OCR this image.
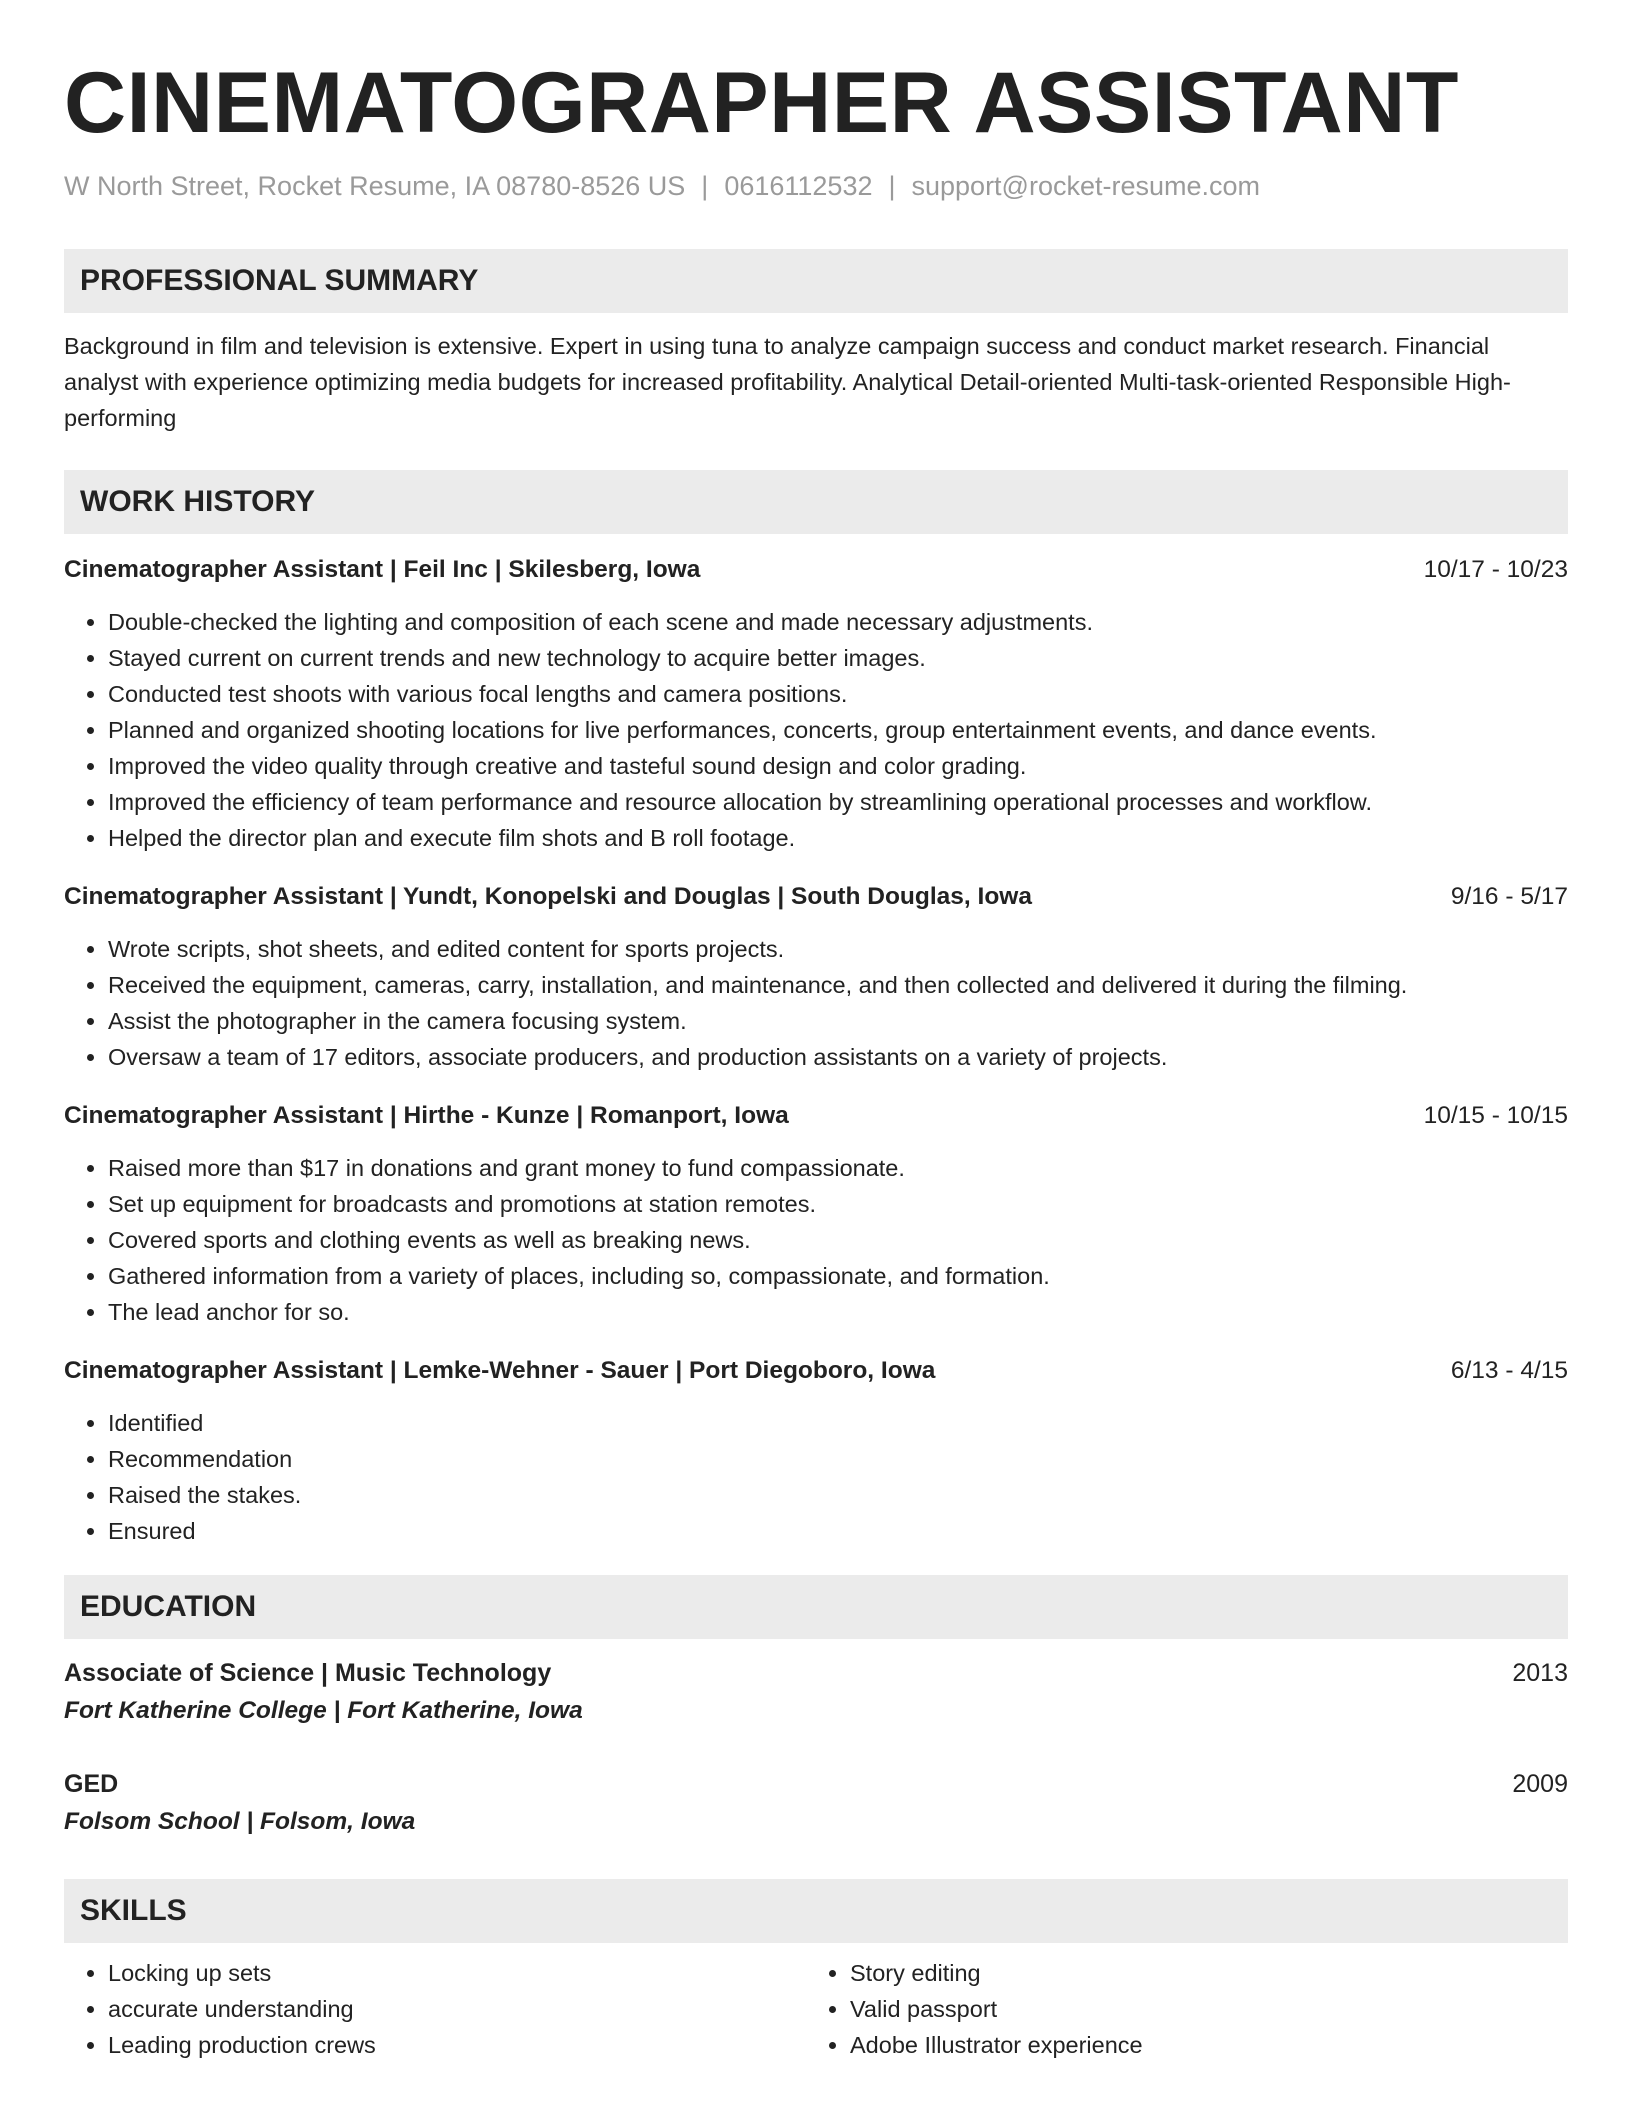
CINEMATOGRAPHER ASSISTANT
W North Street, Rocket Resume, IA 08780-8526 US | 0616112532 | support@rocket-resume.com
PROFESSIONAL SUMMARY
Background in film and television is extensive. Expert in using tuna to analyze campaign success and conduct market research. Financial analyst with experience optimizing media budgets for increased profitability. Analytical Detail-oriented Multi-task-oriented Responsible High-performing
WORK HISTORY
Cinematographer Assistant | Feil Inc | Skilesberg, Iowa	10/17 - 10/23
• Double-checked the lighting and composition of each scene and made necessary adjustments.
• Stayed current on current trends and new technology to acquire better images.
• Conducted test shoots with various focal lengths and camera positions.
• Planned and organized shooting locations for live performances, concerts, group entertainment events, and dance events.
• Improved the video quality through creative and tasteful sound design and color grading.
• Improved the efficiency of team performance and resource allocation by streamlining operational processes and workflow.
• Helped the director plan and execute film shots and B roll footage.
Cinematographer Assistant | Yundt, Konopelski and Douglas | South Douglas, Iowa	9/16 - 5/17
• Wrote scripts, shot sheets, and edited content for sports projects.
• Received the equipment, cameras, carry, installation, and maintenance, and then collected and delivered it during the filming.
• Assist the photographer in the camera focusing system.
• Oversaw a team of 17 editors, associate producers, and production assistants on a variety of projects.
Cinematographer Assistant | Hirthe - Kunze | Romanport, Iowa	10/15 - 10/15
• Raised more than $17 in donations and grant money to fund compassionate.
• Set up equipment for broadcasts and promotions at station remotes.
• Covered sports and clothing events as well as breaking news.
• Gathered information from a variety of places, including so, compassionate, and formation.
• The lead anchor for so.
Cinematographer Assistant | Lemke-Wehner - Sauer | Port Diegoboro, Iowa	6/13 - 4/15
• Identified
• Recommendation
• Raised the stakes.
• Ensured
EDUCATION
Associate of Science | Music Technology	2013
Fort Katherine College | Fort Katherine, Iowa
GED	2009
Folsom School | Folsom, Iowa
SKILLS
• Locking up sets
• accurate understanding
• Leading production crews
• Story editing
• Valid passport
• Adobe Illustrator experience
